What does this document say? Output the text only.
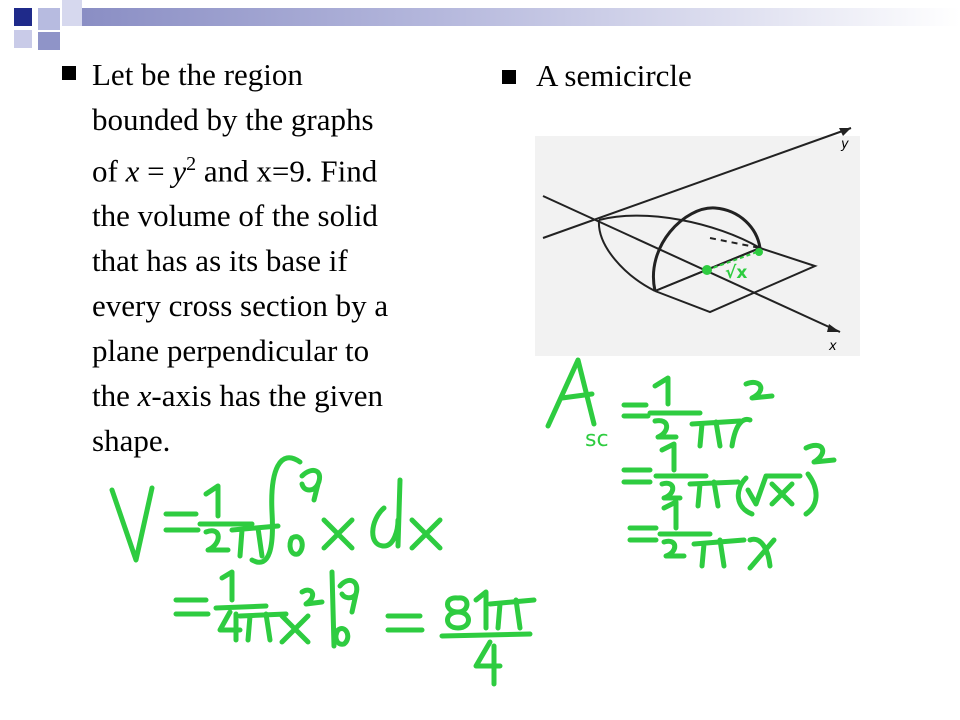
Let be the region
bounded by the graphs
of $x = y^2$ and x=9. Find
the volume of the solid
that has as its base if
every cross section by a
plane perpendicular to
the x-axis has the given
shape.
A semicircle
y
x
√x
sc
